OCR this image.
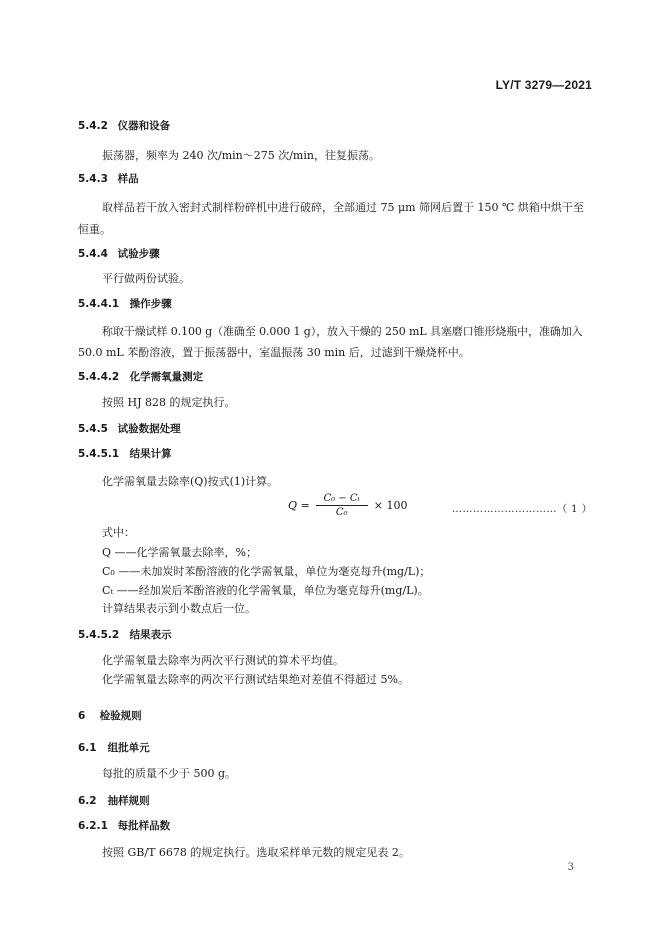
LY/T 3279—2021
5.4.2 仪器和设备
振荡器，频率为 240 次/min～275 次/min，往复振荡。
5.4.3 样品
取样品若干放入密封式制样粉碎机中进行破碎，全部通过 75 μm 筛网后置于 150 ℃ 烘箱中烘干至
恒重。
5.4.4 试验步骤
平行做两份试验。
5.4.4.1 操作步骤
称取干燥试样 0.100 g（准确至 0.000 1 g），放入干燥的 250 mL 具塞磨口锥形烧瓶中，准确加入
50.0 mL 苯酚溶液，置于振荡器中，室温振荡 30 min 后，过滤到干燥烧杯中。
5.4.4.2 化学需氧量测定
按照 HJ 828 的规定执行。
5.4.5 试验数据处理
5.4.5.1 结果计算
化学需氧量去除率(Q)按式(1)计算。
$Q = \frac{\text{C₀ − Cₜ}}{\text{C₀}} \times 100$	…………………………（ 1 ）
式中：
Q ——化学需氧量去除率，%；
C₀ ——未加炭时苯酚溶液的化学需氧量，单位为毫克每升(mg/L)；
Cₜ ——经加炭后苯酚溶液的化学需氧量，单位为毫克每升(mg/L)。
计算结果表示到小数点后一位。
5.4.5.2 结果表示
化学需氧量去除率为两次平行测试的算术平均值。
化学需氧量去除率的两次平行测试结果绝对差值不得超过 5%。
6 检验规则
6.1 组批单元
每批的质量不少于 500 g。
6.2 抽样规则
6.2.1 每批样品数
按照 GB/T 6678 的规定执行。选取采样单元数的规定见表 2。
3
